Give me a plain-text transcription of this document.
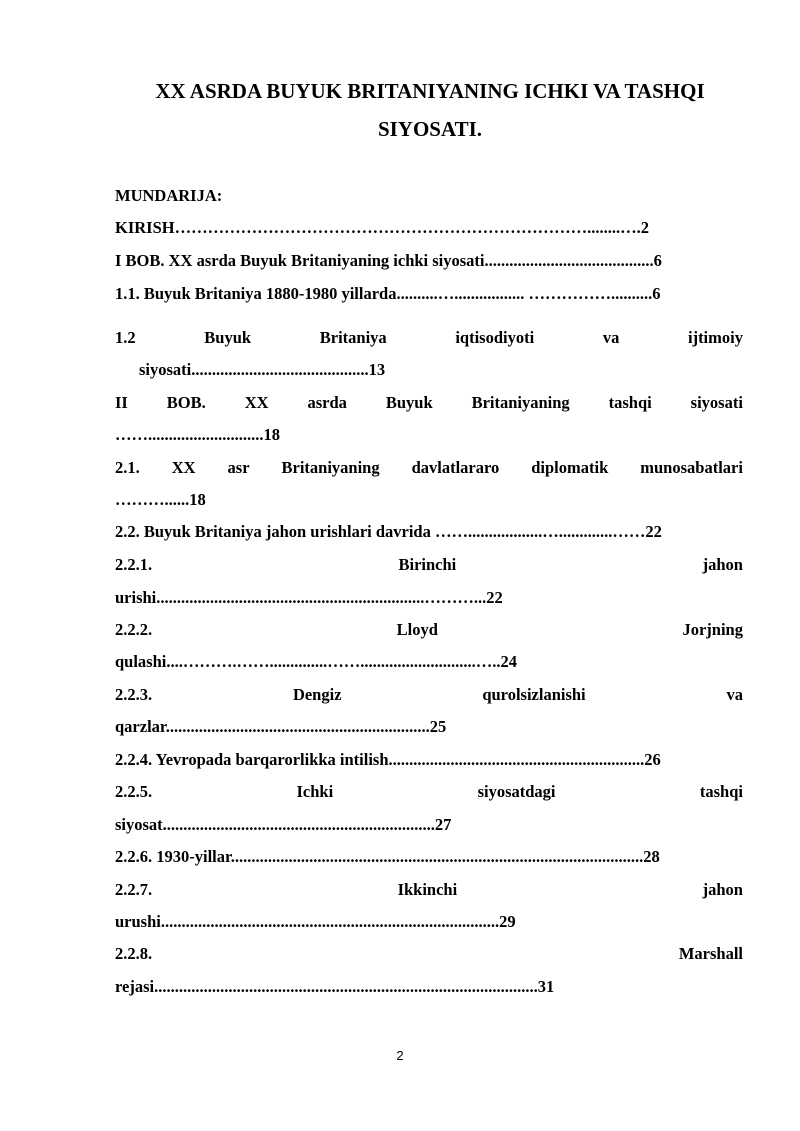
XX ASRDA BUYUK BRITANIYANING ICHKI VA TASHQI
SIYOSATI.
MUNDARIJA:
KIRISH…………………………………………………………………........….2
I BOB. XX asrda Buyuk Britaniyaning ichki siyosati.........................................6
1.1. Buyuk Britaniya 1880-1980 yillarda..........…................. ……………..........6
1.2	Buyuk	Britaniya	iqtisodiyoti	va	ijtimoiy
siyosati...........................................13
II BOB. XX asrda Buyuk Britaniyaning tashqi siyosati
……............................18
2.1. XX asr Britaniyaning davlatlararo diplomatik munosabatlari
………......18
2.2. Buyuk Britaniya jahon urishlari davrida ……..................….............……22
2.2.1.	Birinchi	jahon
urishi.................................................................………...22
2.2.2.	Lloyd	Jorjning
qulashi....……….……..............……............................…..24
2.2.3.	Dengiz	qurolsizlanishi	va
qarzlar................................................................25
2.2.4. Yevropada barqarorlikka intilish..............................................................26
2.2.5.	Ichki	siyosatdagi	tashqi
siyosat..................................................................27
2.2.6. 1930-yillar....................................................................................................28
2.2.7.	Ikkinchi	jahon
urushi..................................................................................29
2.2.8.	Marshall
rejasi.............................................................................................31
2
